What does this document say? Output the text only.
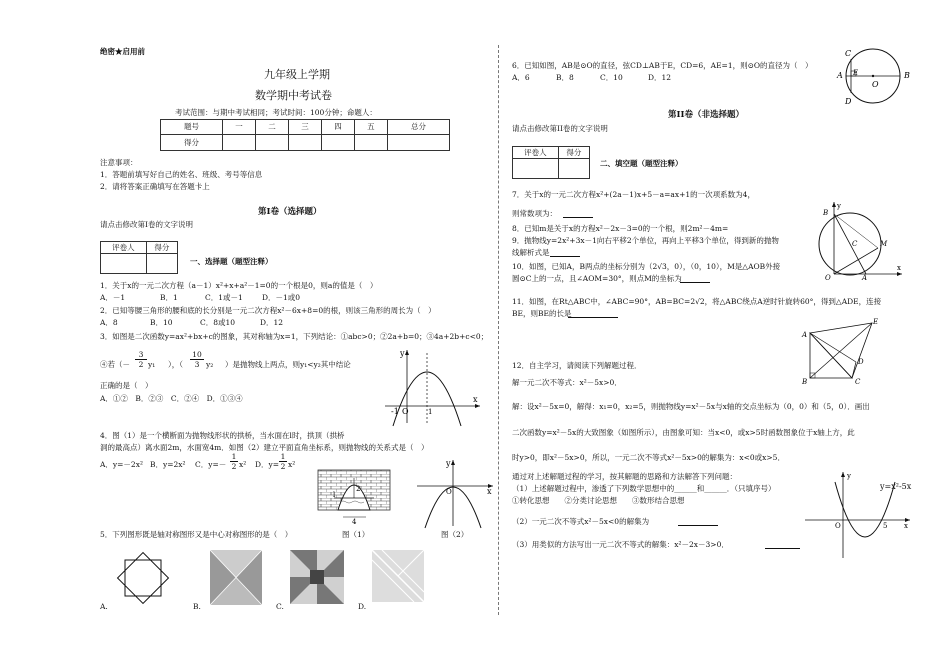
绝密★启用前
九年级上学期
数学期中考试卷
考试范围：与期中考试相同；考试时间：100分钟；命题人：
题号	一	二	三	四	五	总分
得分						
注意事项：
1．答题前填写好自己的姓名、班级、考号等信息
2．请将答案正确填写在答题卡上
第Ⅰ卷（选择题）
请点击修改第Ⅰ卷的文字说明
评卷人	得分

一、选择题（题型注释）
1．关于x的一元二次方程（a－1）x²+x+a²－1=0的一个根是0，则a的值是（　）
A．－1	B．1	C．1或－1	D．－1或0
2．已知等腰三角形的腰和底的长分别是一元二次方程x²－6x+8=0的根，则该三角形的周长为（　）
A．8	B．10	C．8或10	D．12
3．如图是二次函数y=ax²+bx+c的图象，其对称轴为x=1，下列结论：①abc>0；②2a+b=0；③4a+2b+c<0；
④若（－ $\frac{3}{2} y_1$ ），（ $\frac{10}{3} y_2$ ）是抛物线上两点，则y₁<y₂其中结论
正确的是（　）
A．①②　B．②③　C．②④　D．①③④
-1 O	1
y
x
4．图（1）是一个横断面为抛物线形状的拱桥，当水面在l时，拱顶（拱桥
洞的最高点）离水面2m，水面宽4m．如图（2）建立平面直角坐标系，则抛物线的关系式是（　）
A．y=－2x² B．y=2x² C．$y=- \frac{1}{2} x^2$ D．$y= \frac{1}{2} x^2$
2
l
4
图（1）
y
x
O
图（2）
5．下列图形既是轴对称图形又是中心对称图形的是（　）
A.	B.	C.	D.
6．已知如图，AB是⊙O的直径，弦CD⊥AB于E，CD=6，AE=1，则⊙O的直径为（　）
A．6	B．8	C．10	D．12	A	B
C
D
E
O
第II卷（非选择题）
请点击修改第II卷的文字说明
评卷人	得分

二、填空题（题型注释）
7．关于x的一元二次方程x²+(2a－1)x+5－a=ax+1的一次项系数为4，
则常数项为：
8．已知m是关于x的方程x²－2x－3=0的一个根，则2m²－4m=
9．抛物线y=2x²+3x－1向右平移2个单位，再向上平移3个单位，得到新的抛物
线解析式是
10．如图，已知A，B两点的坐标分别为（2√3，0），（0，10），M是△AOB外接
圆⊙C上的一点，且∠AOM=30°，则点M的坐标为
B
O	A
M
C
x
y
11．如图，在Rt△ABC中，∠ABC=90°，AB=BC=2√2，将△ABC绕点A逆时针旋转60°，得到△ADE，连接
BE，则BE的长是
A
B	C
E
D
12．自主学习，请阅读下列解题过程．
解一元二次不等式：x²－5x>0．
解：设x²－5x=0，解得：x₁=0，x₂=5，则抛物线y=x²－5x与x轴的交点坐标为（0，0）和（5，0）．画出
二次函数y=x²－5x的大致图象（如图所示），由图象可知：当x<0，或x>5时函数图象位于x轴上方，此
时y>0，即x²－5x>0，所以，一元二次不等式x²－5x>0的解集为：x<0或x>5．
通过对上述解题过程的学习，按其解题的思路和方法解答下列问题：
（1）上述解题过程中，渗透了下列数学思想中的______和______．（只填序号）
①转化思想　　②分类讨论思想　　③数形结合思想
（2）一元二次不等式x²－5x<0的解集为
（3）用类似的方法写出一元二次不等式的解集：x²－2x－3>0．
O	5 x
y
y=x²-5x
